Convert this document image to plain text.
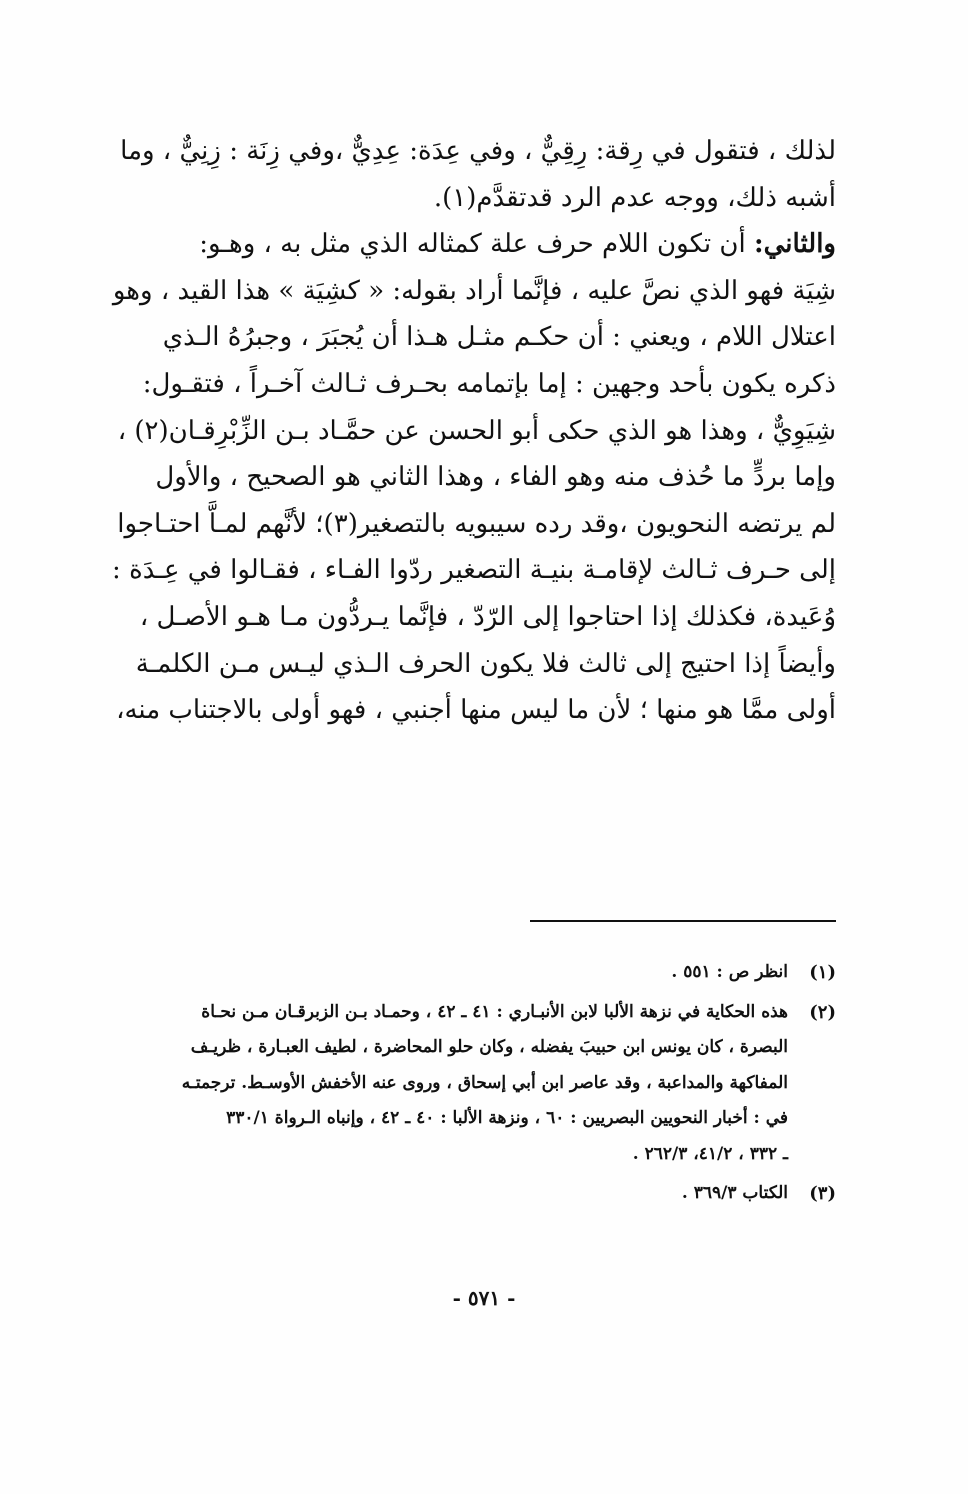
لذلك ، فتقول في رِقة: رِقِيٌّ ، وفي عِدَة: عِدِيٌّ ،وفي زِنَة : زِنِيٌّ ، وما
أشبه ذلك، ووجه عدم الرد قدتقدَّم(١).
والثاني: أن تكون اللام حرف علة كمثاله الذي مثل به ، وهـو:
شِيَة فهو الذي نصَّ عليه ، فإنَّما أراد بقوله: « كشِيَة » هذا القيد ، وهو
اعتلال اللام ، ويعني : أن حكـم مثـل هـذا أن يُجبَرَ ، وجبرُهُ الـذي
ذكره يكون بأحد وجهين : إما بإتمامه بحـرف ثـالث آخـراً ، فتقـول:
شِيَوِيٌّ ، وهذا هو الذي حكى أبو الحسن عن حمَّـاد بـن الزِّبْرِقـان(٢) ،
وإما بردٍّ ما حُذف منه وهو الفاء ، وهذا الثاني هو الصحيح ، والأول
لم يرتضه النحويون ،وقد رده سيبويه بالتصغير(٣)؛ لأنَّهم لمـاَّ احتـاجوا
إلى حـرف ثـالث لإقامـة بنيـة التصغير ردّوا الفـاء ، فقـالوا في عِـدَة :
وُعَيدة، فكذلك إذا احتاجوا إلى الرّدّ ، فإنَّما يـردُّون مـا هـو الأصـل ،
وأيضاً إذا احتيج إلى ثالث فلا يكون الحرف الـذي ليـس مـن الكلمـة
أولى ممَّا هو منها ؛ لأن ما ليس منها أجنبي ، فهو أولى بالاجتناب منه،
(١)
انظر ص : ٥٥١ .
(٢)
هذه الحكاية في نزهة الألبا لابن الأنبـاري : ٤١ ـ ٤٢ ، وحمـاد بـن الزبرقـان مـن نحـاة
البصرة ، كان يونس ابن حبيبَ يفضله ، وكان حلو المحاضرة ، لطيف العبـارة ، ظريـف
المفاكهة والمداعبة ، وقد عاصر ابن أبي إسحاق ، وروى عنه الأخفش الأوسـط. ترجمتـه
في : أخبار النحويين البصريين : ٦٠ ، ونزهة الألبا : ٤٠ ـ ٤٢ ، وإنباه الـرواة ٣٣٠/١
ـ ٣٣٢ ، ٤١/٢، ٢٦٢/٣ .
(٣)
الكتاب ٣٦٩/٣ .
- ٥٧١ -
